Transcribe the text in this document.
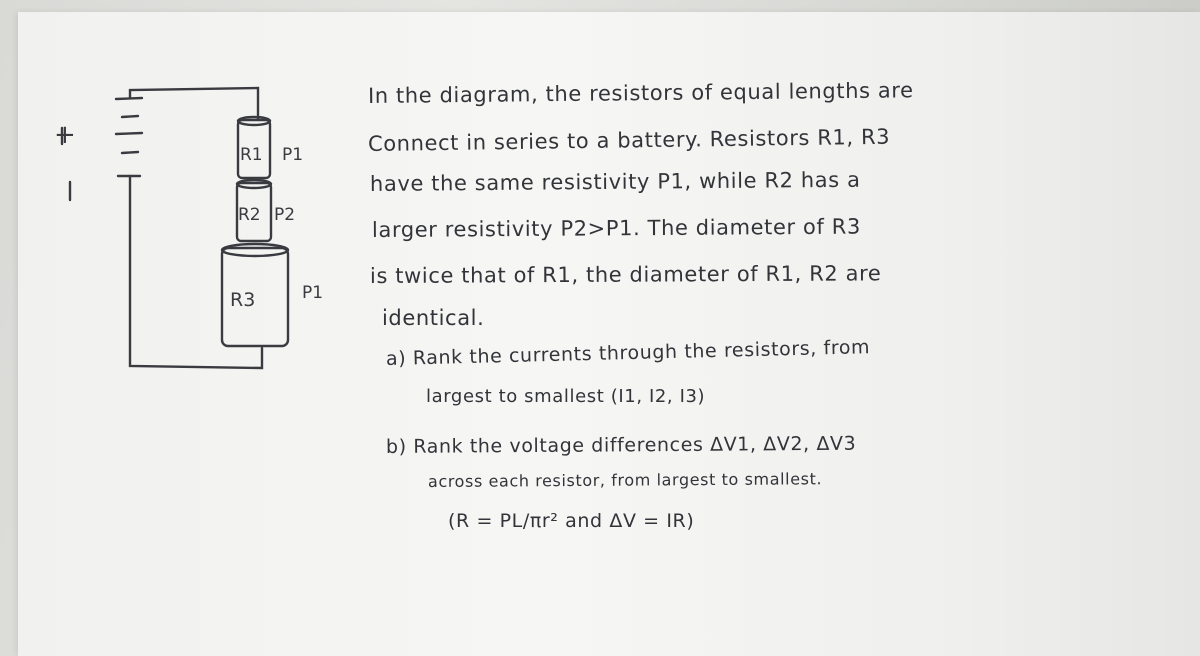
+
R1 P1
R2 P2
R3	P1
In the diagram, the resistors of equal lengths are
Connect in series to a battery. Resistors R1, R3
have the same resistivity P1, while R2 has a
larger resistivity P2>P1. The diameter of R3
is twice that of R1, the diameter of R1, R2 are
identical.
a) Rank the currents through the resistors, from
largest to smallest (I1, I2, I3)
b) Rank the voltage differences ΔV1, ΔV2, ΔV3
across each resistor, from largest to smallest.
(R = PL/πr² and ΔV = IR)
